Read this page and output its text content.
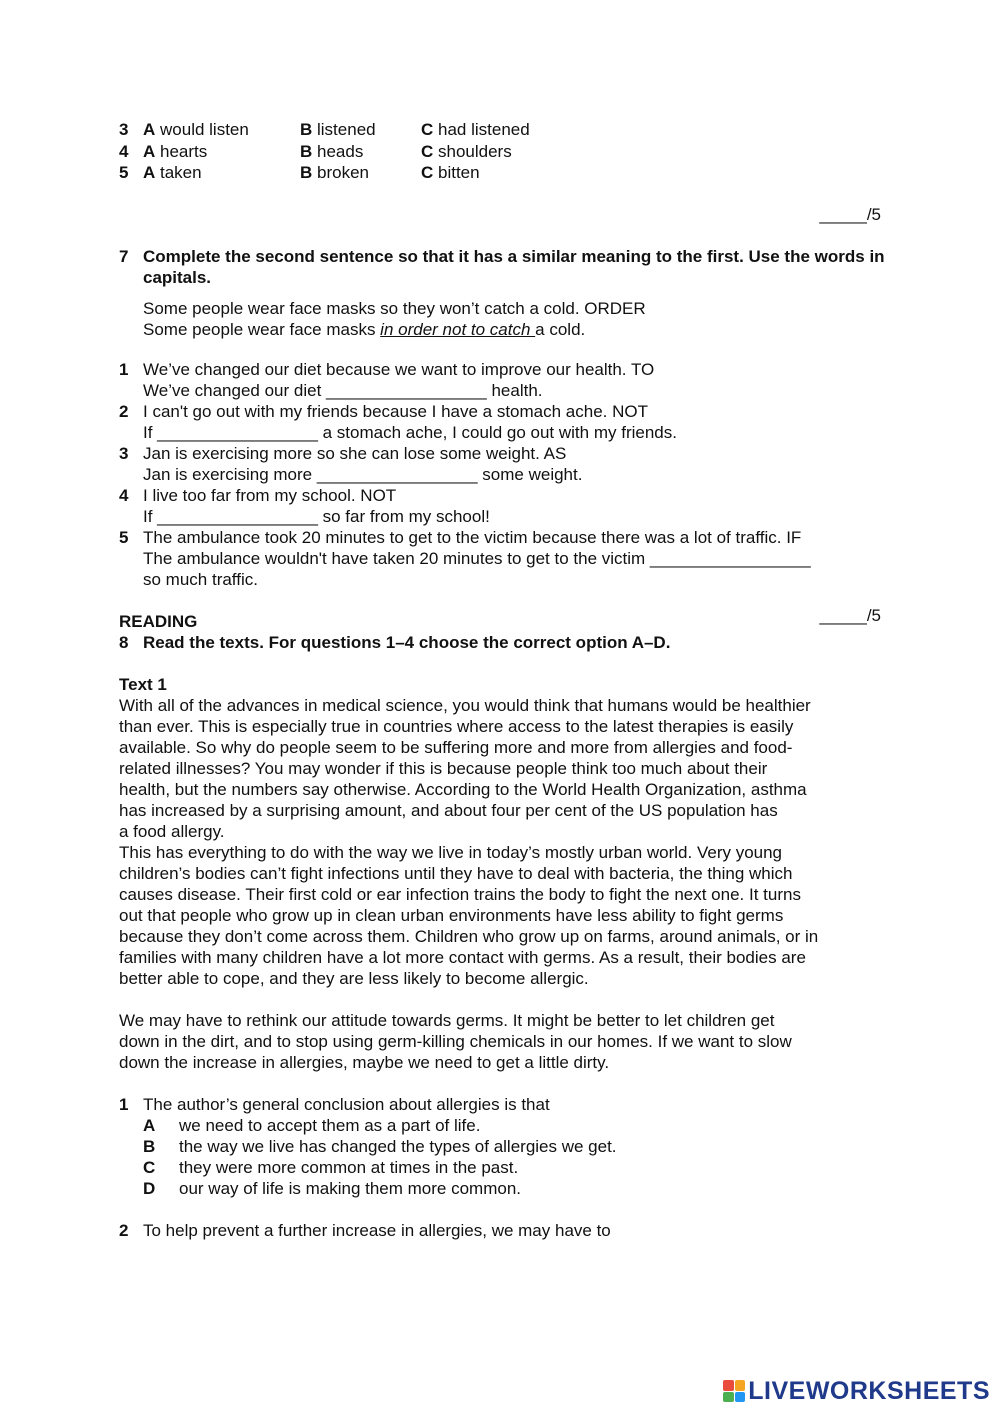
3 A would listen	B listened	C had listened
4 A hearts	B heads	C shoulders
5 A taken	B broken	C bitten
_____/5
7 Complete the second sentence so that it has a similar meaning to the first. Use the words in capitals.
Some people wear face masks so they won’t catch a cold. ORDER
Some people wear face masks in order not to catch a cold.
1 We’ve changed our diet because we want to improve our health. TO
We’ve changed our diet _________________ health.
2 I can't go out with my friends because I have a stomach ache. NOT
If _________________ a stomach ache, I could go out with my friends.
3 Jan is exercising more so she can lose some weight. AS
Jan is exercising more _________________ some weight.
4 I live too far from my school. NOT
If _________________ so far from my school!
5 The ambulance took 20 minutes to get to the victim because there was a lot of traffic. IF
The ambulance wouldn't have taken 20 minutes to get to the victim _________________
so much traffic.
_____/5
READING
8 Read the texts. For questions 1–4 choose the correct option A–D.
Text 1
With all of the advances in medical science, you would think that humans would be healthier
than ever. This is especially true in countries where access to the latest therapies is easily
available. So why do people seem to be suffering more and more from allergies and food-
related illnesses? You may wonder if this is because people think too much about their
health, but the numbers say otherwise. According to the World Health Organization, asthma
has increased by a surprising amount, and about four per cent of the US population has
a food allergy.
This has everything to do with the way we live in today’s mostly urban world. Very young
children’s bodies can’t fight infections until they have to deal with bacteria, the thing which
causes disease. Their first cold or ear infection trains the body to fight the next one. It turns
out that people who grow up in clean urban environments have less ability to fight germs
because they don’t come across them. Children who grow up on farms, around animals, or in
families with many children have a lot more contact with germs. As a result, their bodies are
better able to cope, and they are less likely to become allergic.
We may have to rethink our attitude towards germs. It might be better to let children get
down in the dirt, and to stop using germ-killing chemicals in our homes. If we want to slow
down the increase in allergies, maybe we need to get a little dirty.
1 The author’s general conclusion about allergies is that
A	we need to accept them as a part of life.
B	the way we live has changed the types of allergies we get.
C	they were more common at times in the past.
D	our way of life is making them more common.
2 To help prevent a further increase in allergies, we may have to
LIVEWORKSHEETS
